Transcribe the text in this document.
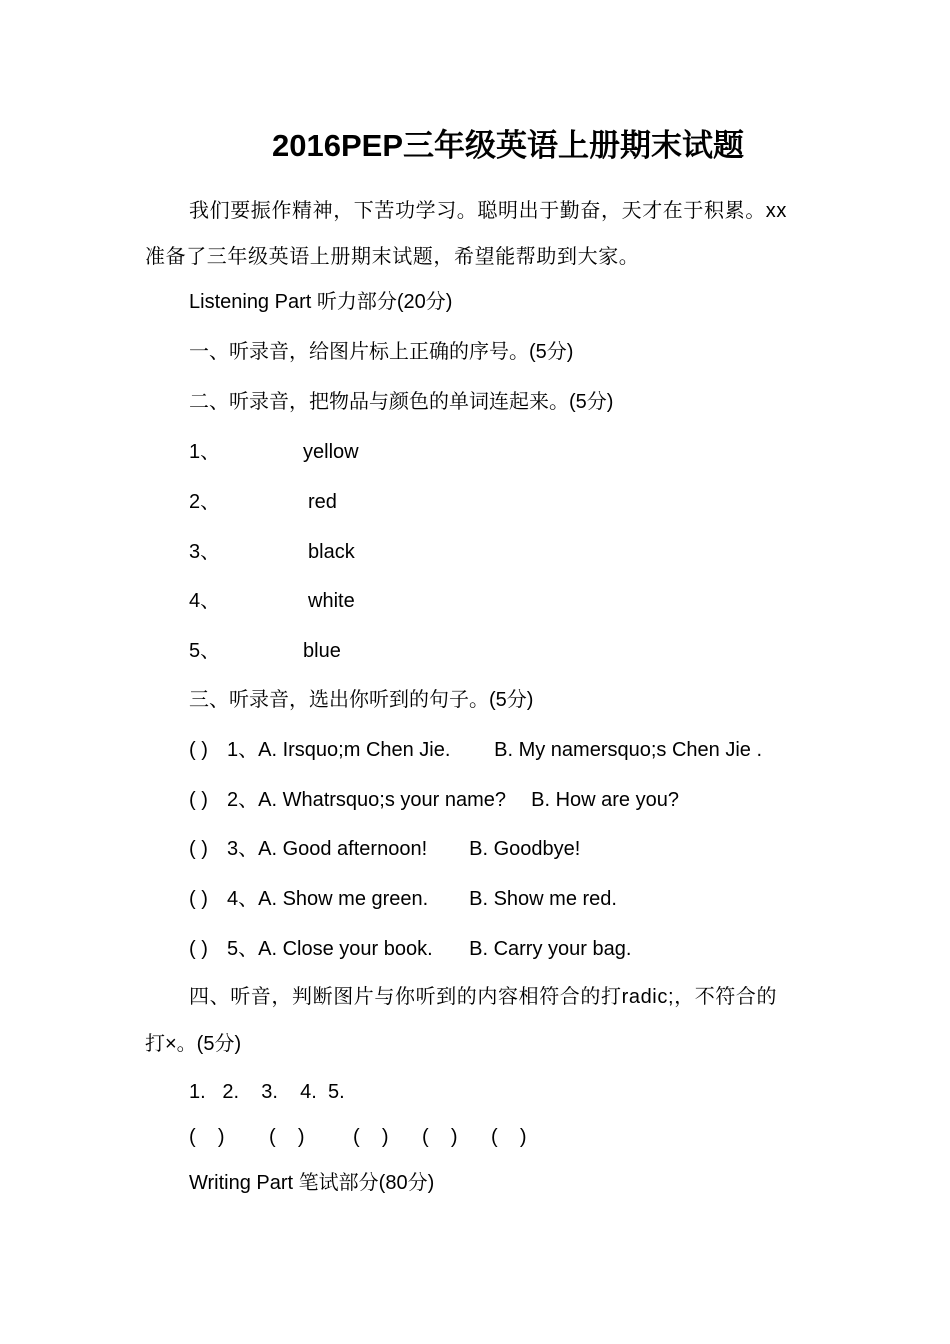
2016PEP三年级英语上册期末试题
我们要振作精神，下苦功学习。聪明出于勤奋，天才在于积累。xx
准备了三年级英语上册期末试题，希望能帮助到大家。
Listening Part 听力部分(20分)
一、听录音，给图片标上正确的序号。(5分)
二、听录音，把物品与颜色的单词连起来。(5分)
1、	yellow
2、	red
3、	black
4、	white
5、	blue
三、听录音，选出你听到的句子。(5分)
( ) 1、A. Irsquo;m Chen Jie. B. My namersquo;s Chen Jie .
( ) 2、A. Whatrsquo;s your name? B. How are you?
( ) 3、A. Good afternoon! B. Goodbye!
( ) 4、A. Show me green. B. Show me red.
( ) 5、A. Close your book. B. Carry your bag.
四、听音，判断图片与你听到的内容相符合的打radic;，不符合的
打×。(5分)
1.   2.    3.    4.  5.
(    ) (    ) (    ) (    ) (    )
Writing Part 笔试部分(80分)
